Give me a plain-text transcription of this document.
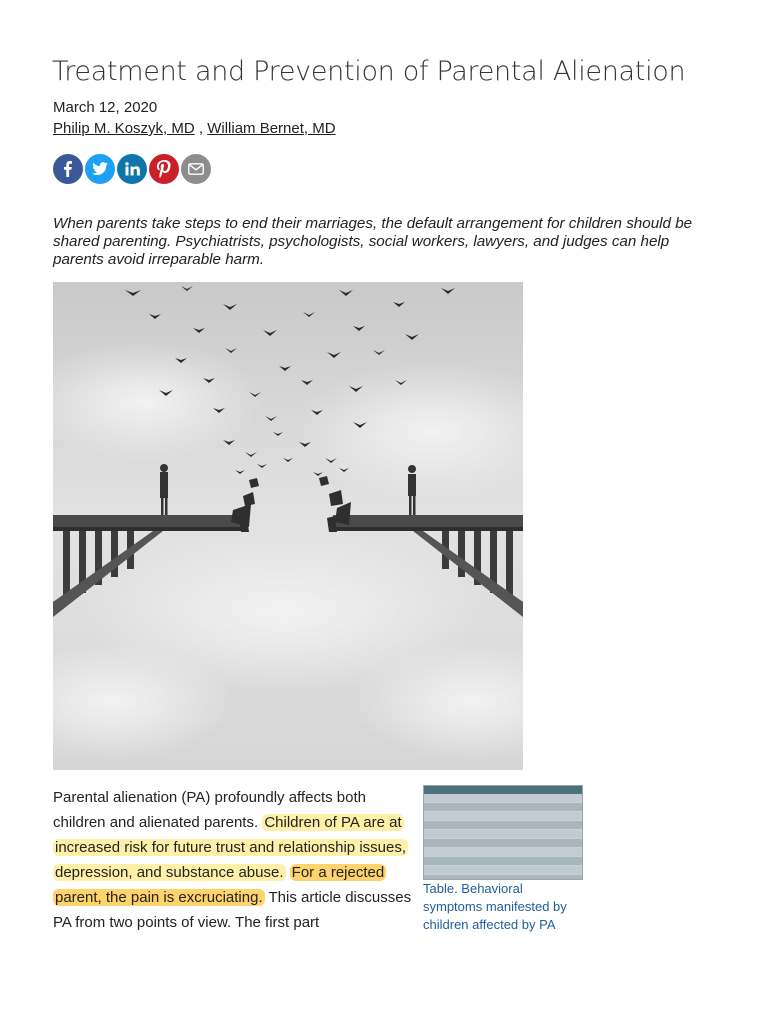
Treatment and Prevention of Parental Alienation
March 12, 2020
Philip M. Koszyk, MD , William Bernet, MD
When parents take steps to end their marriages, the default arrangement for children should be shared parenting. Psychiatrists, psychologists, social workers, lawyers, and judges can help parents avoid irreparable harm.
Parental alienation (PA) profoundly affects both children and alienated parents. Children of PA are at increased risk for future trust and relationship issues, depression, and substance abuse. For a rejected parent, the pain is excruciating. This article discusses PA from two points of view. The first part
Table. Behavioral symptoms manifested by children affected by PA
